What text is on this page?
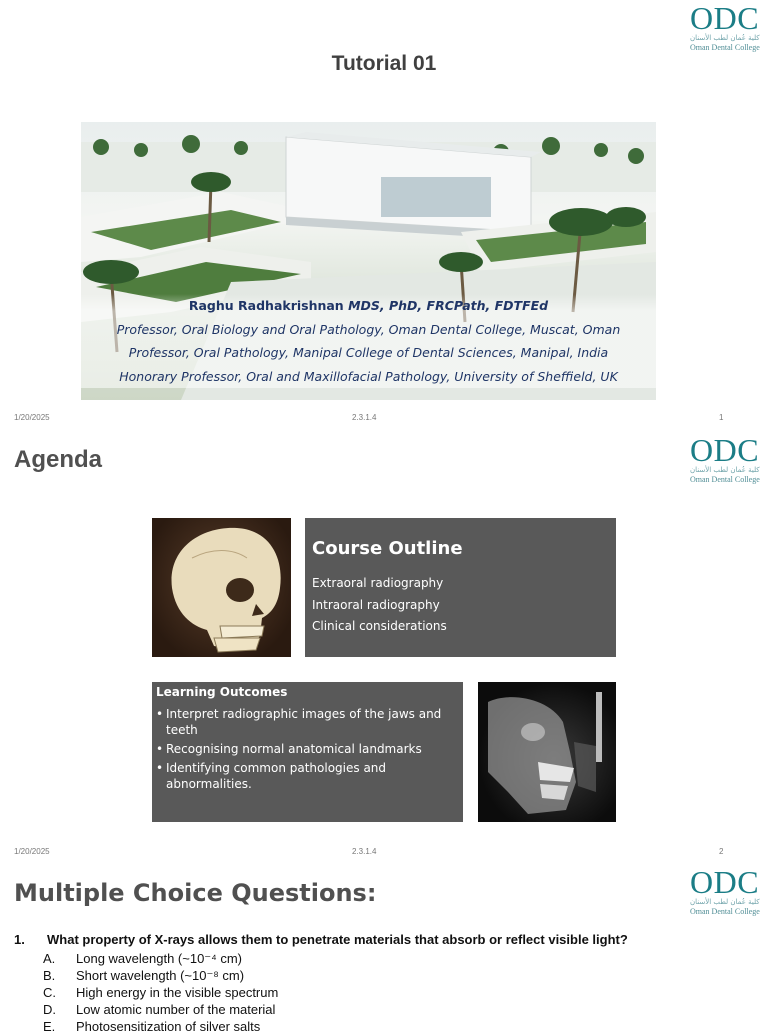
ODC
كلية عُمان لطب الأسنان
Oman Dental College
Tutorial 01
Raghu Radhakrishnan MDS, PhD, FRCPath, FDTFEd
Professor, Oral Biology and Oral Pathology, Oman Dental College, Muscat, Oman
Professor, Oral Pathology, Manipal College of Dental Sciences, Manipal, India
Honorary Professor, Oral and Maxillofacial Pathology, University of Sheffield, UK
1/20/2025	2.3.1.4	1
ODC
كلية عُمان لطب الأسنان
Oman Dental College
Agenda
Course Outline
Extraoral radiography
Intraoral radiography
Clinical considerations
Learning Outcomes
• Interpret radiographic images of the jaws and teeth
• Recognising normal anatomical landmarks
• Identifying common pathologies and abnormalities.
1/20/2025	2.3.1.4	2
ODC
كلية عُمان لطب الأسنان
Oman Dental College
Multiple Choice Questions:
1. What property of X-rays allows them to penetrate materials that absorb or reflect visible light?
A. Long wavelength (~10⁻⁴ cm)
B. Short wavelength (~10⁻⁸ cm)
C. High energy in the visible spectrum
D. Low atomic number of the material
E. Photosensitization of silver salts
